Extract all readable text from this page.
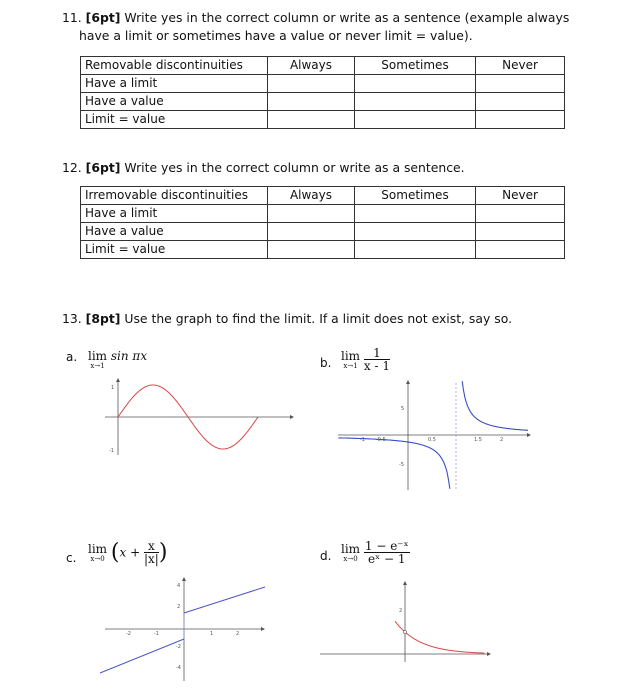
11. [6pt] Write yes in the correct column or write as a sentence (example always
have a limit or sometimes have a value or never limit = value).
Removable discontinuities	Always	Sometimes	Never
Have a limit			
Have a value			
Limit = value			
12. [6pt] Write yes in the correct column or write as a sentence.
Irremovable discontinuities	Always	Sometimes	Never
Have a limit			
Have a value			
Limit = value			
13. [8pt] Use the graph to find the limit. If a limit does not exist, say so.
a. lim
x→1
sin πx
1
-1
b. lim
x→1
$\frac{1}{x - 1}$
-1 -0.5	0.5	1.5	2
5
-5
c.
lim
x→0 ($x + \frac{x}{|x|}$ )
-2	-1	1	2
4
2
-2
-4
d. lim
x→0
$\frac{\text{1 − e⁻ˣ}}{\text{eˣ − 1}}$
2
